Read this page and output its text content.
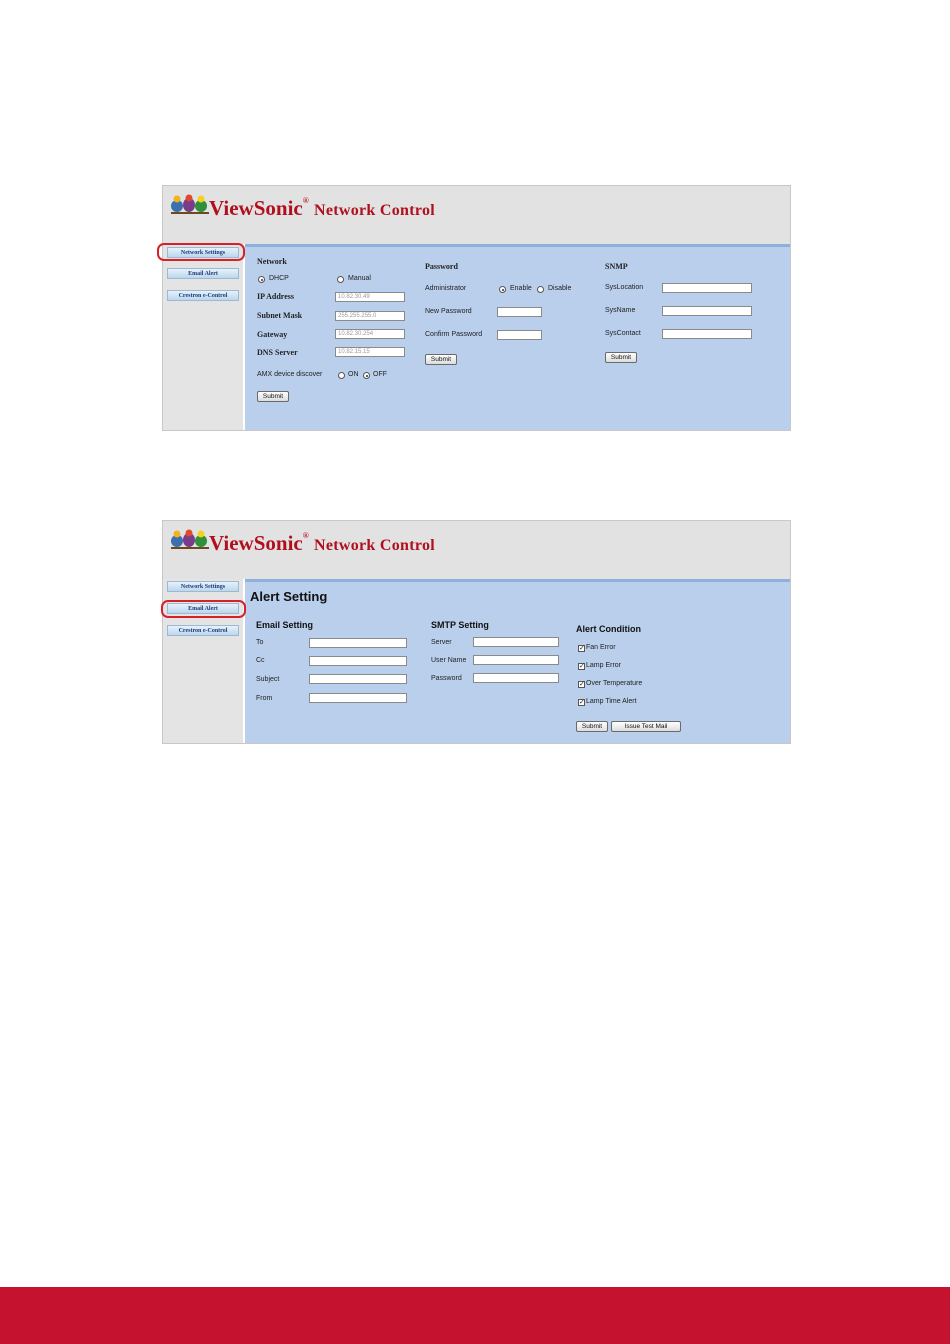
ViewSonic® Network Control
Network Settings
Email Alert
Crestron e-Control
Network
DHCP	Manual
IP Address	10.82.30.49
Subnet Mask	255.255.255.0
Gateway	10.82.30.254
DNS Server	10.82.15.15
AMX device discover	ON OFF
Submit
Password
Administrator	Enable Disable
New Password
Confirm Password
Submit
SNMP
SysLocation
SysName
SysContact
Submit
ViewSonic® Network Control
Network Settings
Email Alert
Crestron e-Control
Alert Setting
Email Setting
To
Cc
Subject
From
SMTP Setting
Server
User Name
Password
Alert Condition
✓ Fan Error
✓ Lamp Error
✓ Over Temperature
✓ Lamp Time Alert
Submit	Issue Test Mail
